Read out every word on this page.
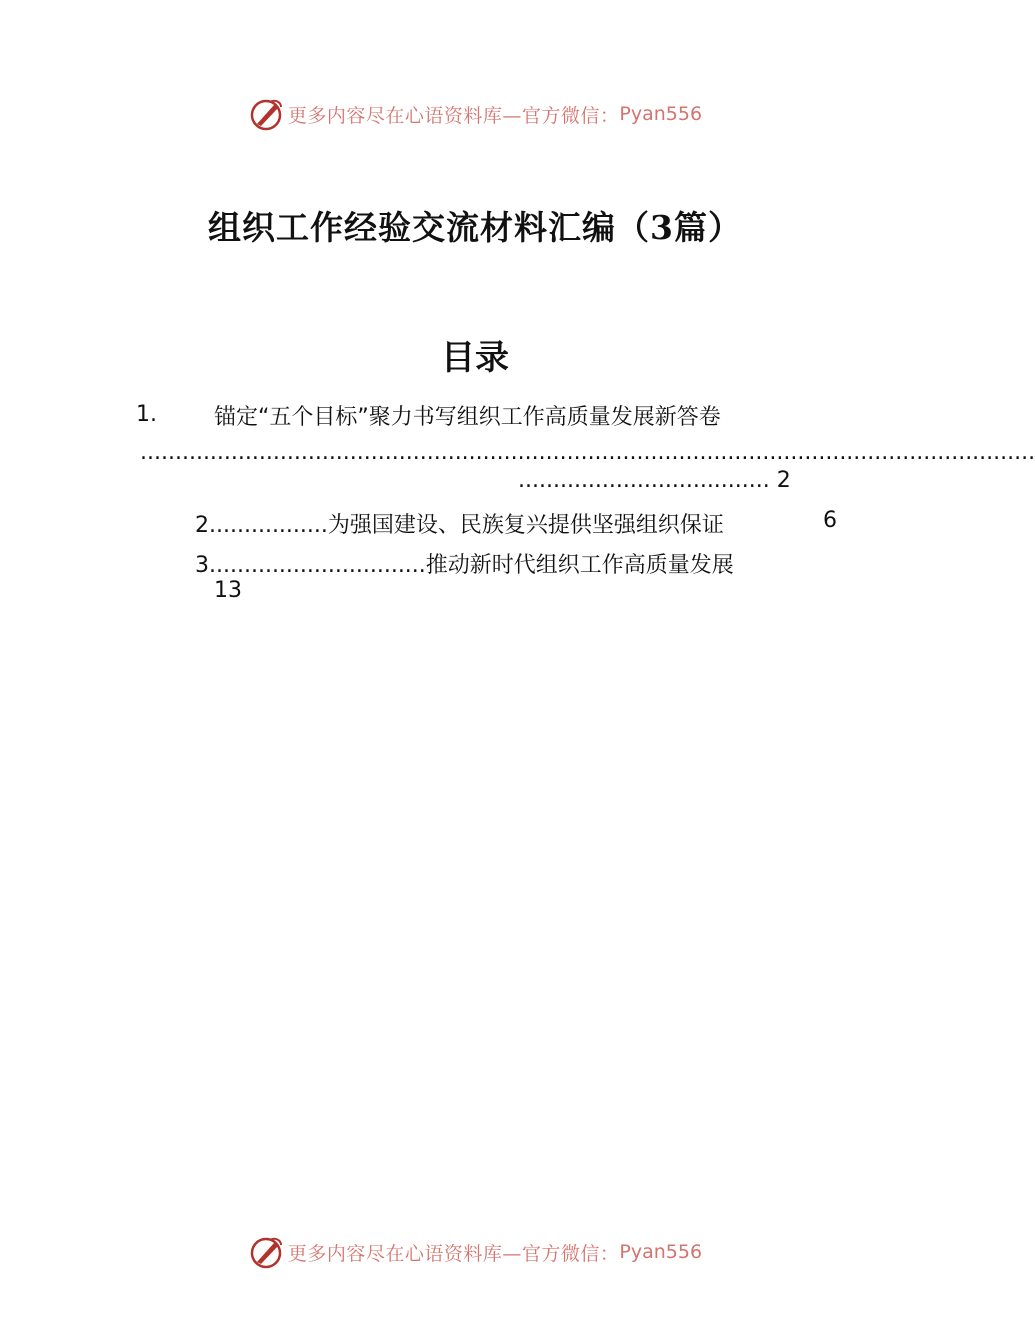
更多内容尽在心语资料库—官方微信： Pyan556
组织工作经验交流材料汇编（3篇）
目录
1.	锚定“五个目标”聚力书写组织工作高质量发展新答卷
................................................................................................................................
.................................... 2
2.................为强国建设、民族复兴提供坚强组织保证	6
3...............................推动新时代组织工作高质量发展
13
更多内容尽在心语资料库—官方微信： Pyan556
